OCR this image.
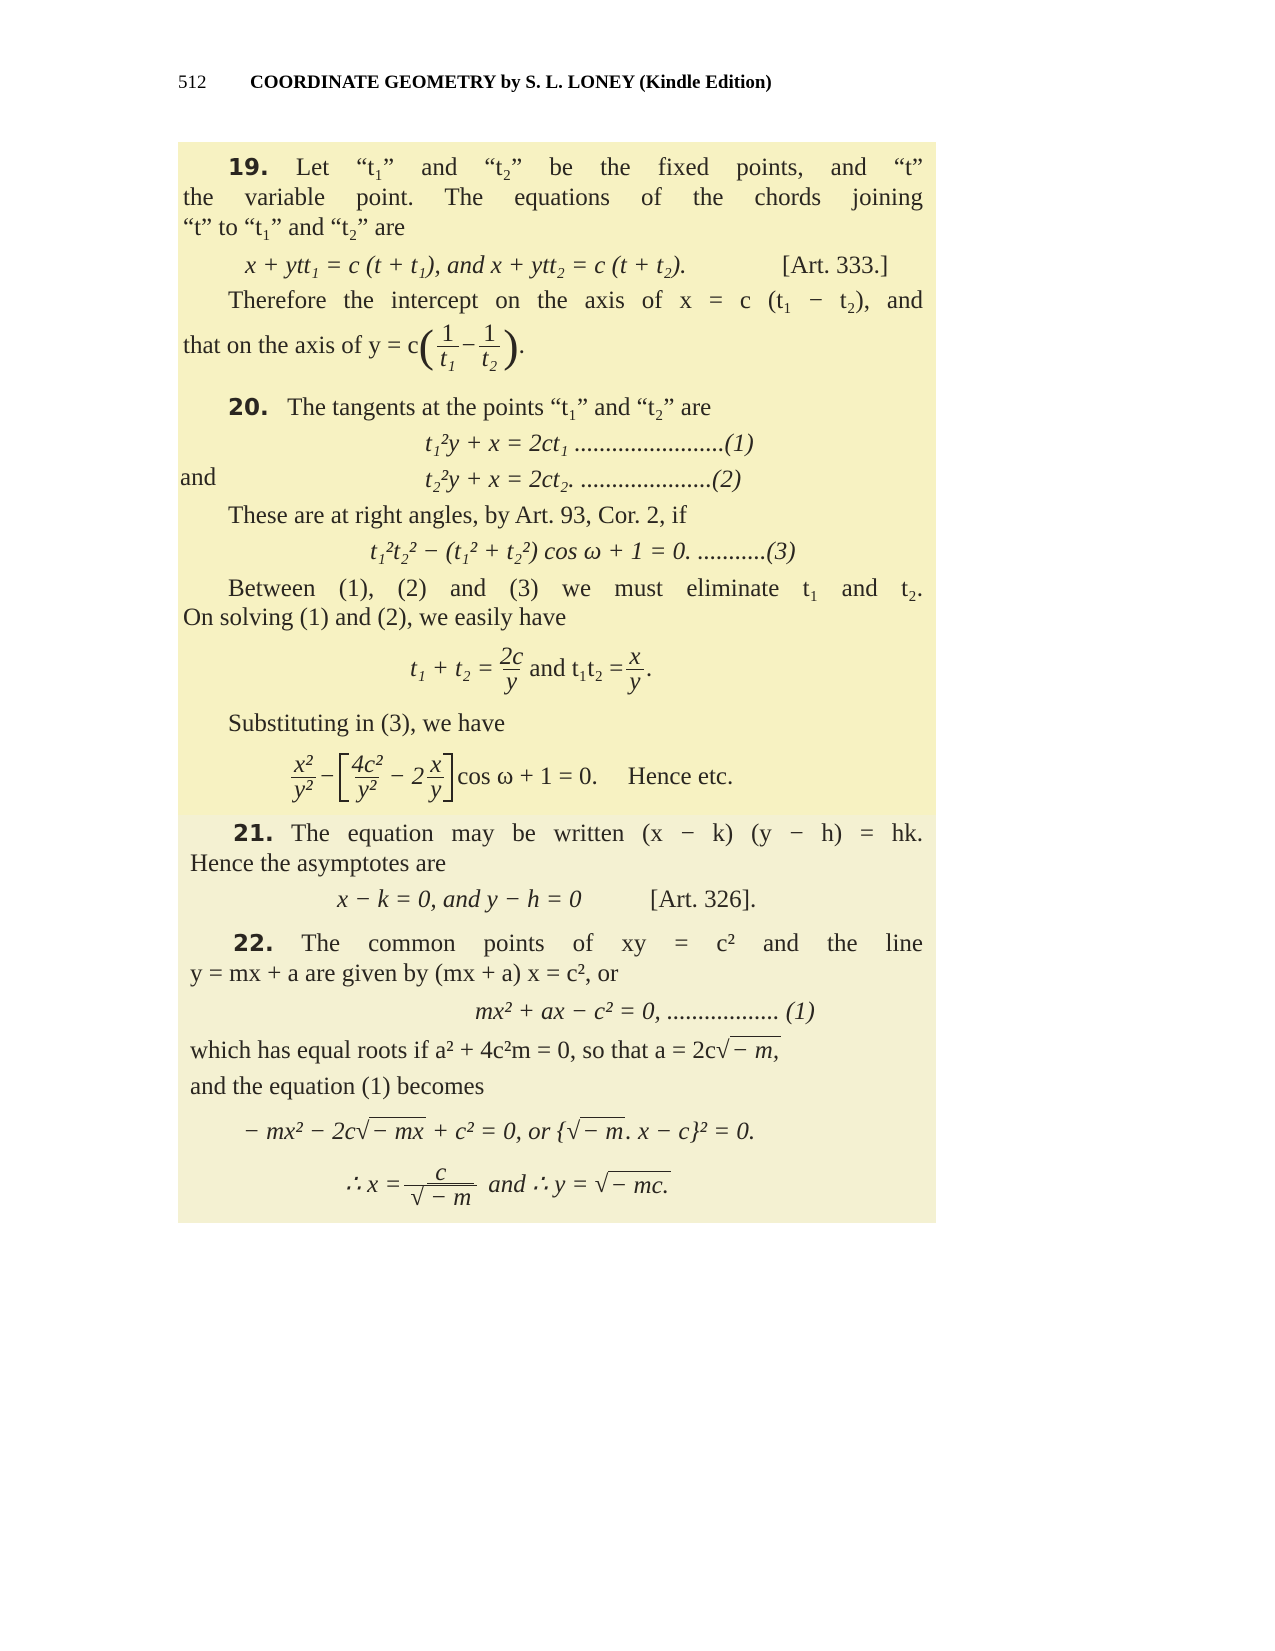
512 COORDINATE GEOMETRY by S. L. LONEY (Kindle Edition)
19. Let “t₁” and “t₂” be the fixed points, and “t”
the variable point. The equations of the chords joining
“t” to “t₁” and “t₂” are
x + ytt₁ = c (t + t₁), and x + ytt₂ = c (t + t₂).	[Art. 333.]
Therefore the intercept on the axis of x = c (t₁ − t₂), and
that on the axis of y = c ( $\frac{1}{\text{t₁}} - \frac{1}{\text{t₂}}$ ) .
20. The tangents at the points “t₁” and “t₂” are
t₁²y + x = 2ct₁ ........................(1)
and	t₂²y + x = 2ct₂. .....................(2)
These are at right angles, by Art. 93, Cor. 2, if
t₁²t₂² − (t₁² + t₂²) cos ω + 1 = 0. ...........(3)
Between (1), (2) and (3) we must eliminate t₁ and t₂.
On solving (1) and (2), we easily have
$t_1 + t_2 = \frac{2c}{y}$ and $t_1t_2 = \frac{x}{y}$ .
Substituting in (3), we have
$\frac{\text{x²}}{\text{y²}} - \frac{\text{4c²}}{\text{y²}} - 2 \frac{x}{y}$ cos ω + 1 = 0. Hence etc.
21. The equation may be written (x − k) (y − h) = hk.
Hence the asymptotes are
x − k = 0, and y − h = 0	[Art. 326].
22. The common points of xy = c² and the line
y = mx + a are given by (mx + a) x = c², or
mx² + ax − c² = 0, .................. (1)
which has equal roots if a² + 4c²m = 0, so that a = 2c√− m,
and the equation (1) becomes
− mx² − 2c√− mx + c² = 0, or {√− m. x − c}² = 0.
∴ $x = \frac{c}{√ - m}$ and ∴ y = √ − mc.
